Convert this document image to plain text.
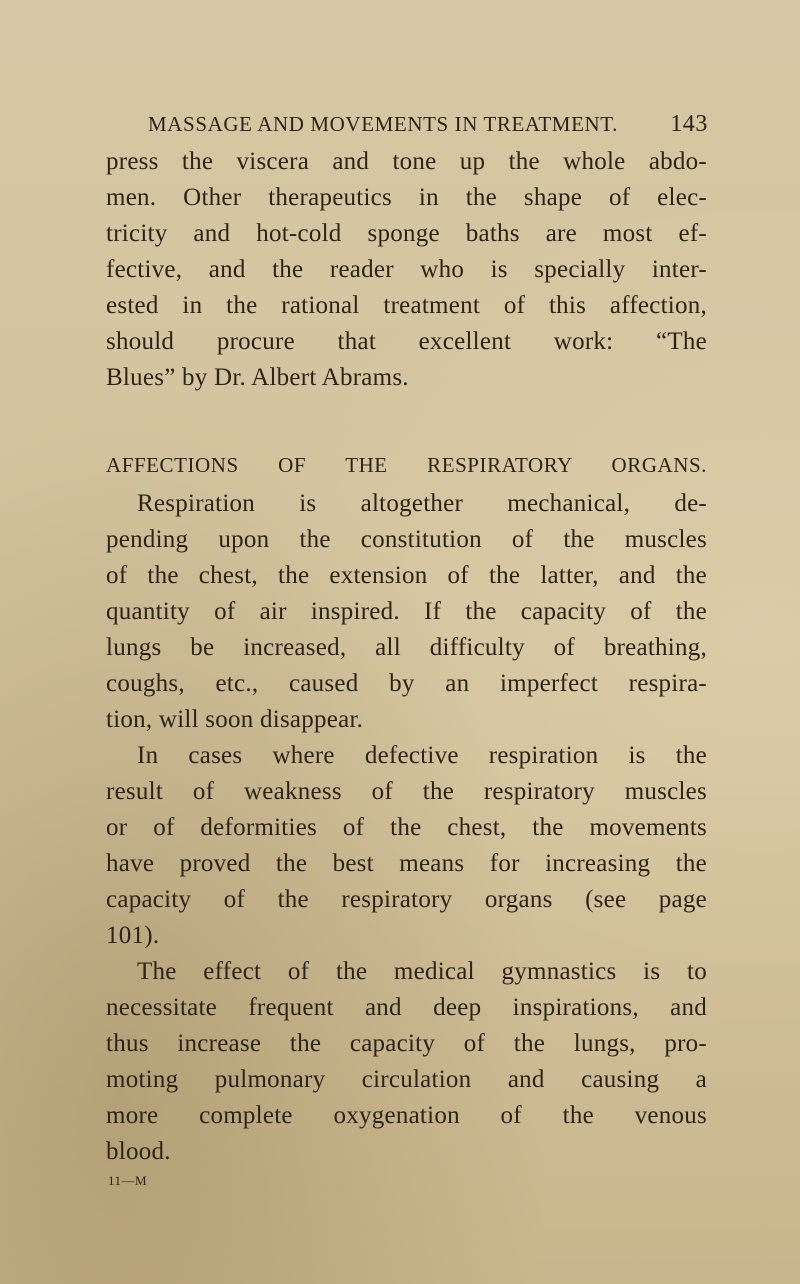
MASSAGE AND MOVEMENTS IN TREATMENT. 143
press the viscera and tone up the whole abdo-
men. Other therapeutics in the shape of elec-
tricity and hot-cold sponge baths are most ef-
fective, and the reader who is specially inter-
ested in the rational treatment of this affection,
should procure that excellent work: “The
Blues” by Dr. Albert Abrams.
AFFECTIONS OF THE RESPIRATORY ORGANS.
Respiration is altogether mechanical, de-
pending upon the constitution of the muscles
of the chest, the extension of the latter, and the
quantity of air inspired. If the capacity of the
lungs be increased, all difficulty of breathing,
coughs, etc., caused by an imperfect respira-
tion, will soon disappear.
In cases where defective respiration is the
result of weakness of the respiratory muscles
or of deformities of the chest, the movements
have proved the best means for increasing the
capacity of the respiratory organs (see page
101).
The effect of the medical gymnastics is to
necessitate frequent and deep inspirations, and
thus increase the capacity of the lungs, pro-
moting pulmonary circulation and causing a
more complete oxygenation of the venous
blood.
11—M
